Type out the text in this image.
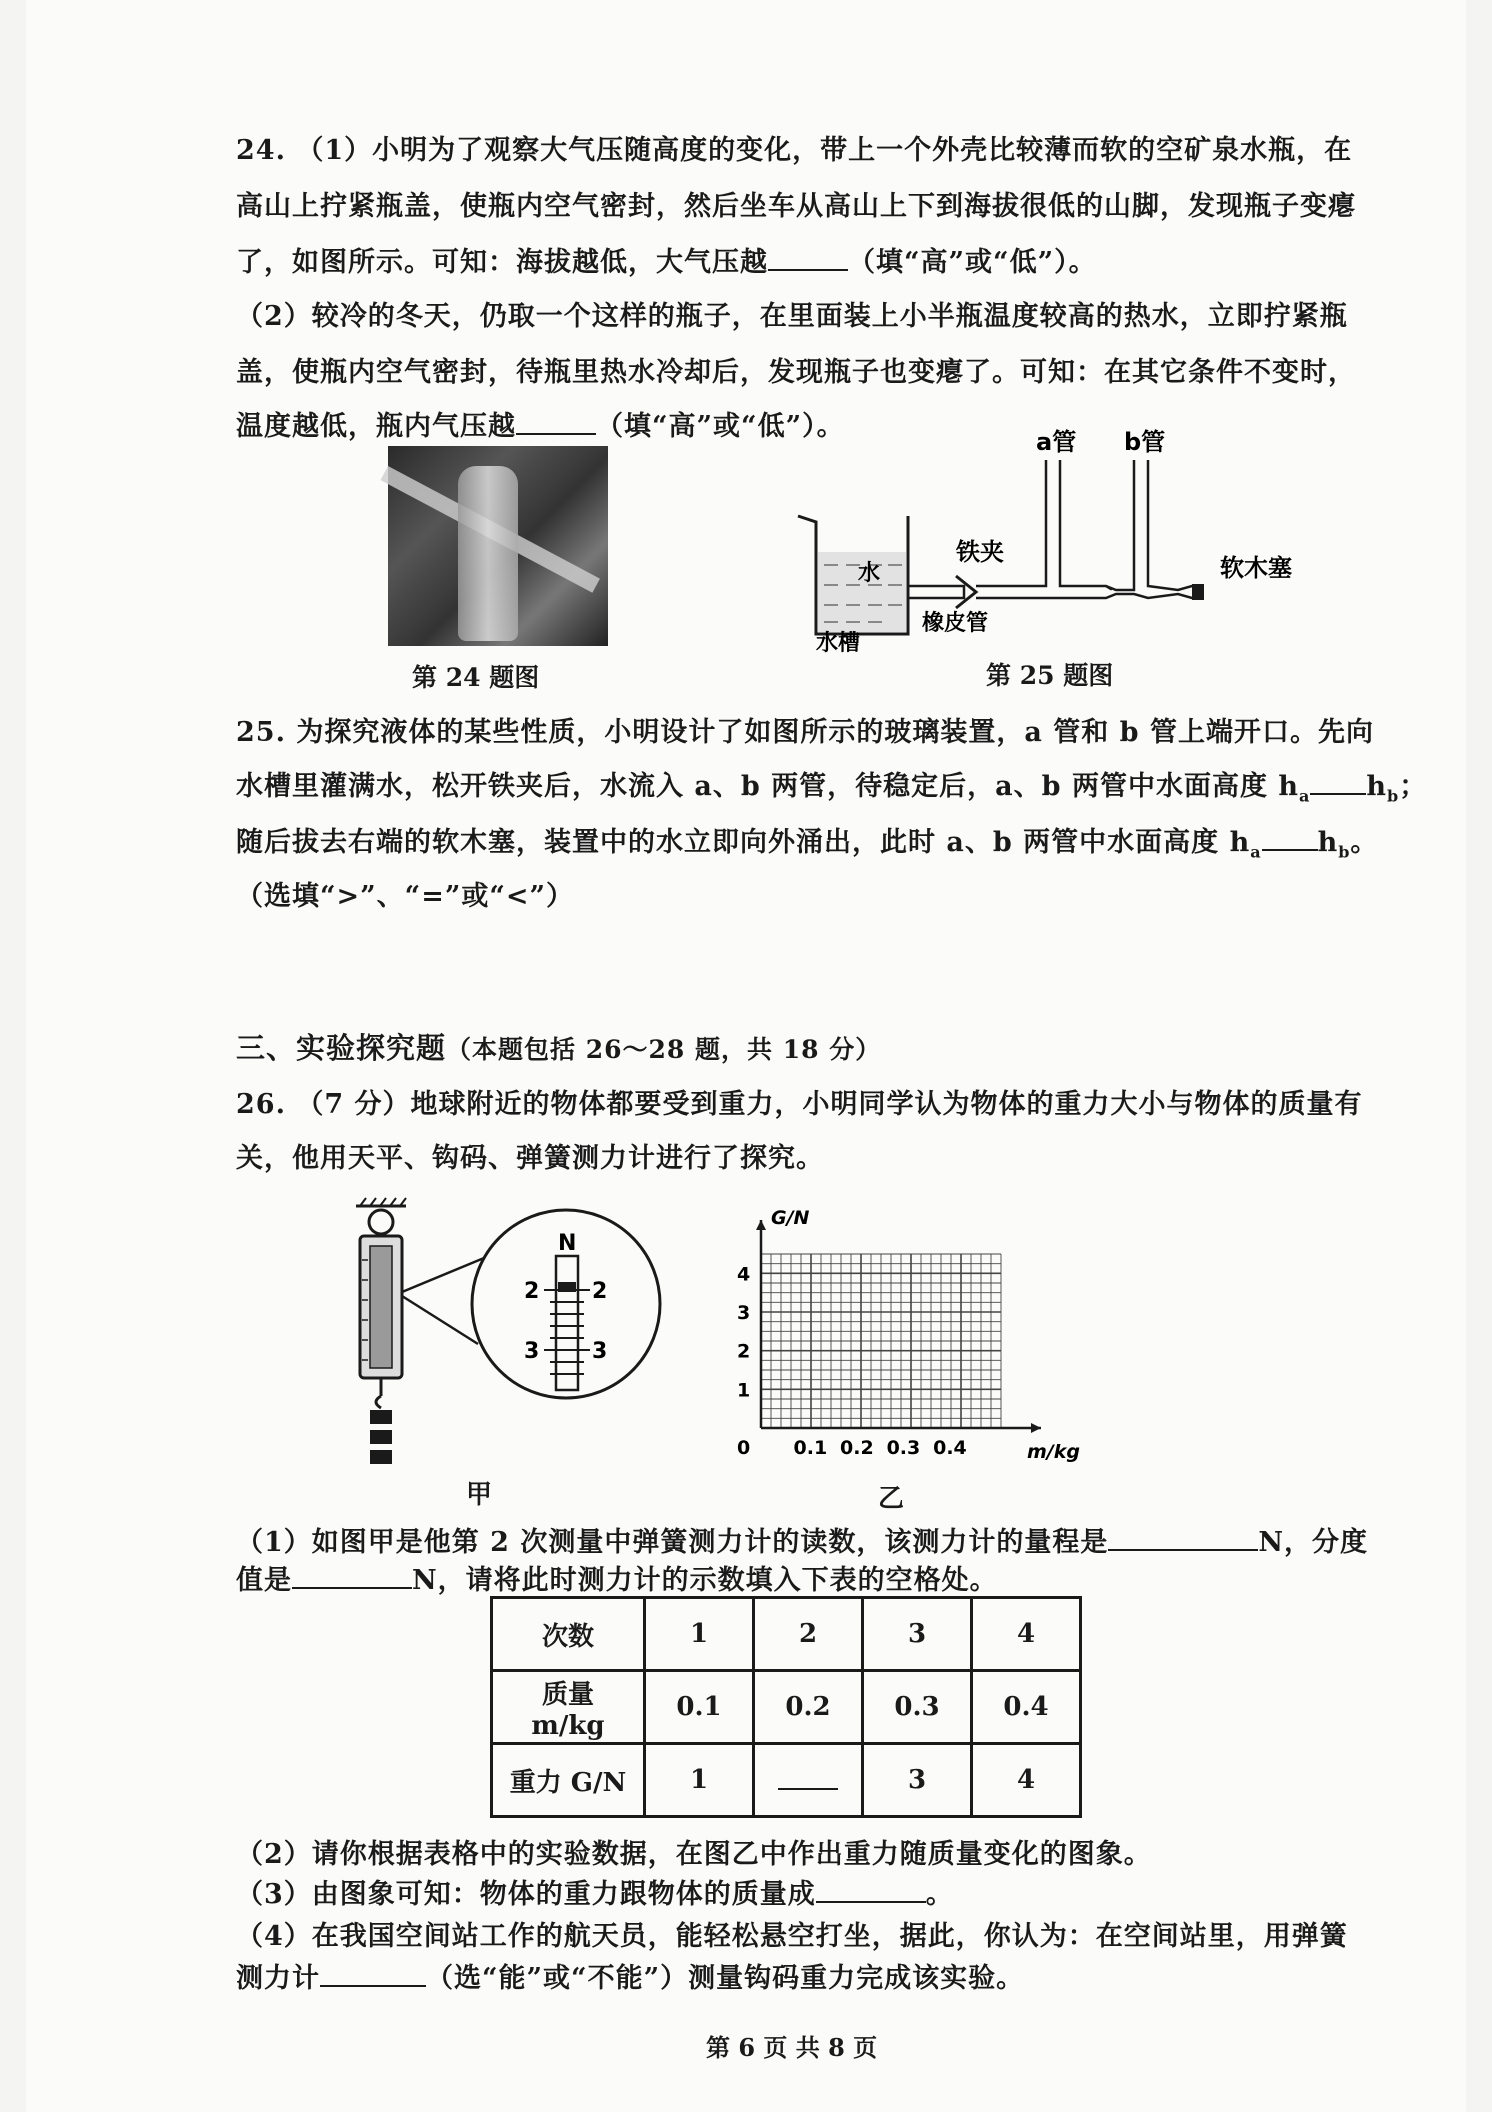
24. （1）小明为了观察大气压随高度的变化，带上一个外壳比较薄而软的空矿泉水瓶，在
高山上拧紧瓶盖，使瓶内空气密封，然后坐车从高山上下到海拔很低的山脚，发现瓶子变瘪
了，如图所示。可知：海拔越低，大气压越	（填“高”或“低”）。
（2）较冷的冬天，仍取一个这样的瓶子，在里面装上小半瓶温度较高的热水，立即拧紧瓶
盖，使瓶内空气密封，待瓶里热水冷却后，发现瓶子也变瘪了。可知：在其它条件不变时，
温度越低，瓶内气压越	（填“高”或“低”）。
第 24 题图
a管 b管
铁夹
软木塞
水
水槽
橡皮管
第 25 题图
25. 为探究液体的某些性质，小明设计了如图所示的玻璃装置，a 管和 b 管上端开口。先向
水槽里灌满水，松开铁夹后，水流入 a、b 两管，待稳定后，a、b 两管中水面高度 $h_a$ $h_b$；
随后拔去右端的软木塞，装置中的水立即向外涌出，此时 a、b 两管中水面高度 $h_a$ $h_b$。
（选填“>”、“=”或“<”）
三、实验探究题（本题包括 26～28 题，共 18 分）
26. （7 分）地球附近的物体都要受到重力，小明同学认为物体的重力大小与物体的质量有
关，他用天平、钩码、弹簧测力计进行了探究。
N
2 2
3 3
甲
0 0.1 0.2 0.3 0.4
1
2
3
4
m/kg
G/N
乙
（1）如图甲是他第 2 次测量中弹簧测力计的读数，该测力计的量程是	N，分度
值是	N，请将此时测力计的示数填入下表的空格处。
次数	1	2	3	4
质量 m/kg	0.1	0.2	0.3	0.4
重力 G/N	1		3	4
（2）请你根据表格中的实验数据，在图乙中作出重力随质量变化的图象。
（3）由图象可知：物体的重力跟物体的质量成	。
（4）在我国空间站工作的航天员，能轻松悬空打坐，据此，你认为：在空间站里，用弹簧
测力计	（选“能”或“不能”）测量钩码重力完成该实验。
第 6 页 共 8 页
